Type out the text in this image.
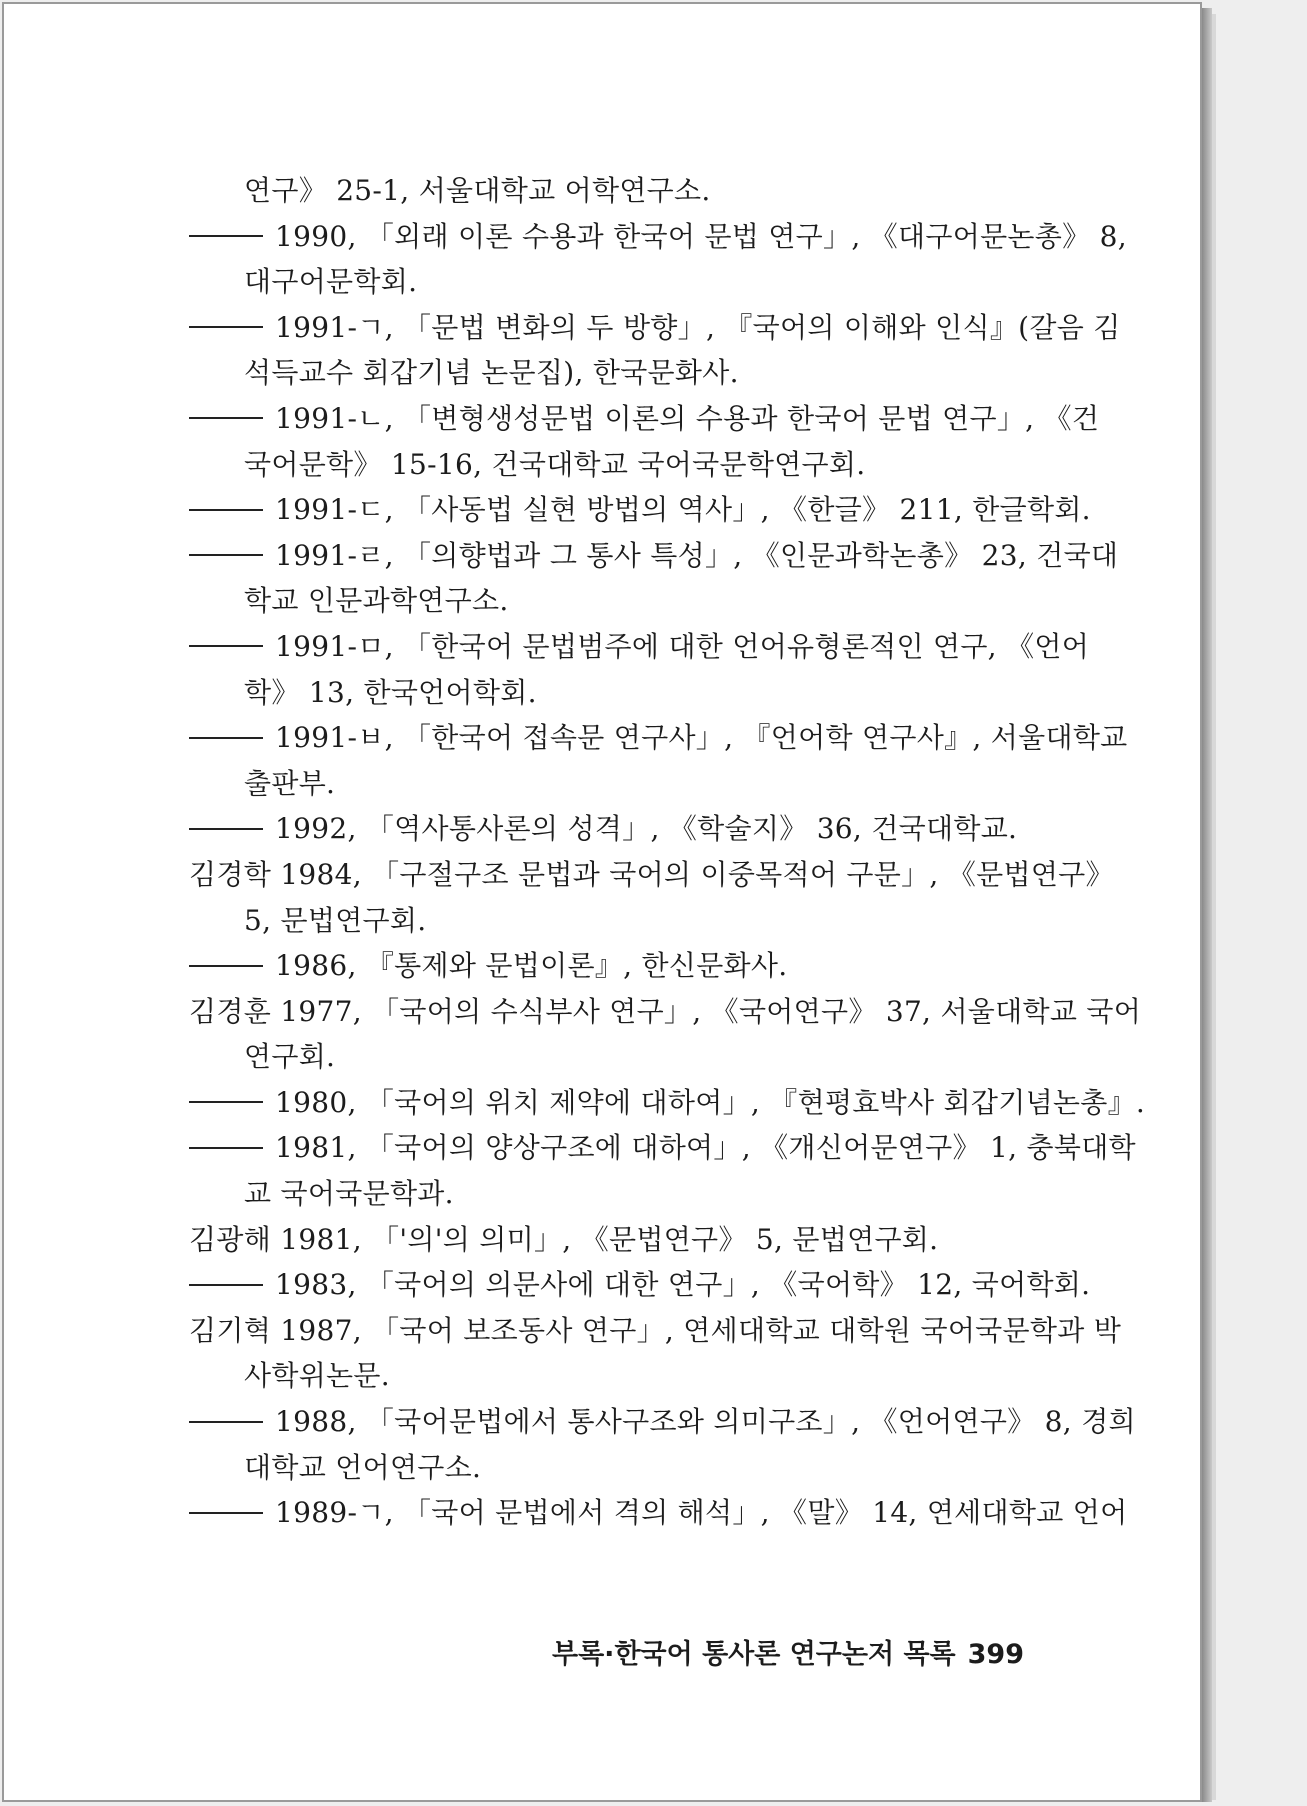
연구》 25-1, 서울대학교 어학연구소.
1990, 「외래 이론 수용과 한국어 문법 연구」, 《대구어문논총》 8,
대구어문학회.
1991-ㄱ, 「문법 변화의 두 방향」, 『국어의 이해와 인식』(갈음 김
석득교수 회갑기념 논문집), 한국문화사.
1991-ㄴ, 「변형생성문법 이론의 수용과 한국어 문법 연구」, 《건
국어문학》 15-16, 건국대학교 국어국문학연구회.
1991-ㄷ, 「사동법 실현 방법의 역사」, 《한글》 211, 한글학회.
1991-ㄹ, 「의향법과 그 통사 특성」, 《인문과학논총》 23, 건국대
학교 인문과학연구소.
1991-ㅁ, 「한국어 문법범주에 대한 언어유형론적인 연구, 《언어
학》 13, 한국언어학회.
1991-ㅂ, 「한국어 접속문 연구사」, 『언어학 연구사』, 서울대학교
출판부.
1992, 「역사통사론의 성격」, 《학술지》 36, 건국대학교.
김경학 1984, 「구절구조 문법과 국어의 이중목적어 구문」, 《문법연구》
5, 문법연구회.
1986, 『통제와 문법이론』, 한신문화사.
김경훈 1977, 「국어의 수식부사 연구」, 《국어연구》 37, 서울대학교 국어
연구회.
1980, 「국어의 위치 제약에 대하여」, 『현평효박사 회갑기념논총』.
1981, 「국어의 양상구조에 대하여」, 《개신어문연구》 1, 충북대학
교 국어국문학과.
김광해 1981, 「'의'의 의미」, 《문법연구》 5, 문법연구회.
1983, 「국어의 의문사에 대한 연구」, 《국어학》 12, 국어학회.
김기혁 1987, 「국어 보조동사 연구」, 연세대학교 대학원 국어국문학과 박
사학위논문.
1988, 「국어문법에서 통사구조와 의미구조」, 《언어연구》 8, 경희
대학교 언어연구소.
1989-ㄱ, 「국어 문법에서 격의 해석」, 《말》 14, 연세대학교 언어
부록·한국어 통사론 연구논저 목록 399
